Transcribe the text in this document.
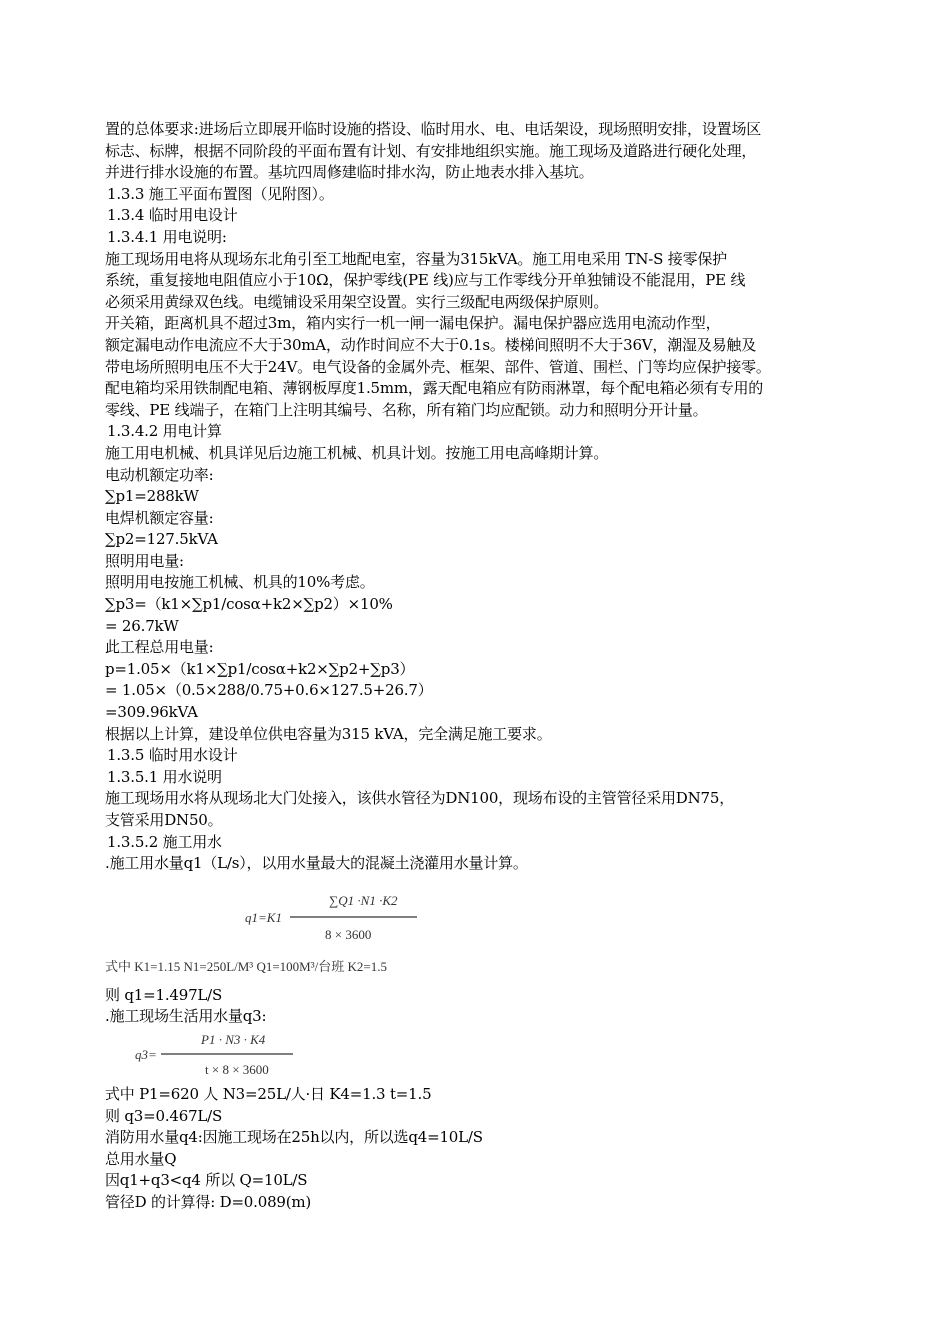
置的总体要求:进场后立即展开临时设施的搭设、临时用水、电、电话架设，现场照明安排，设置场区

标志、标牌，根据不同阶段的平面布置有计划、有安排地组织实施。施工现场及道路进行硬化处理，

并进行排水设施的布置。基坑四周修建临时排水沟，防止地表水排入基坑。

1.3.3 施工平面布置图（见附图）。

1.3.4 临时用电设计

1.3.4.1 用电说明:

施工现场用电将从现场东北角引至工地配电室，容量为315kVA。施工用电采用 TN-S 接零保护

系统，重复接地电阻值应小于10Ω，保护零线(PE 线)应与工作零线分开单独铺设不能混用，PE 线

必须采用黄绿双色线。电缆铺设采用架空设置。实行三级配电两级保护原则。

开关箱，距离机具不超过3m，箱内实行一机一闸一漏电保护。漏电保护器应选用电流动作型，

额定漏电动作电流应不大于30mA，动作时间应不大于0.1s。楼梯间照明不大于36V，潮湿及易触及

带电场所照明电压不大于24V。电气设备的金属外壳、框架、部件、管道、围栏、门等均应保护接零。

配电箱均采用铁制配电箱、薄钢板厚度1.5mm，露天配电箱应有防雨淋罩，每个配电箱必须有专用的

零线、PE 线端子，在箱门上注明其编号、名称，所有箱门均应配锁。动力和照明分开计量。

1.3.4.2 用电计算

施工用电机械、机具详见后边施工机械、机具计划。按施工用电高峰期计算。

电动机额定功率:

∑p1=288kW

电焊机额定容量:

∑p2=127.5kVA

照明用电量:

照明用电按施工机械、机具的10%考虑。

∑p3=（k1×∑p1/cosα+k2×∑p2）×10%

= 26.7kW

此工程总用电量:

p=1.05×（k1×∑p1/cosα+k2×∑p2+∑p3）

= 1.05×（0.5×288/0.75+0.6×127.5+26.7）

=309.96kVA

根据以上计算，建设单位供电容量为315 kVA，完全满足施工要求。

1.3.5 临时用水设计

1.3.5.1 用水说明

施工现场用水将从现场北大门处接入，该供水管径为DN100，现场布设的主管管径采用DN75，

支管采用DN50。

1.3.5.2 施工用水

.施工用水量q1（L/s），以用水量最大的混凝土浇灌用水量计算。

q1=K1
∑Q1 ·N1 ·K2
8 × 3600
式中 K1=1.15 N1=250L/M³ Q1=100M³/台班 K2=1.5

则 q1=1.497L/S

.施工现场生活用水量q3:

q3=
P1 · N3 · K4
t × 8 × 3600

式中 P1=620 人 N3=25L/人·日 K4=1.3 t=1.5

则 q3=0.467L/S

消防用水量q4:因施工现场在25h以内，所以选q4=10L/S

总用水量Q

因q1+q3<q4 所以 Q=10L/S

管径D 的计算得: D=0.089(m)
